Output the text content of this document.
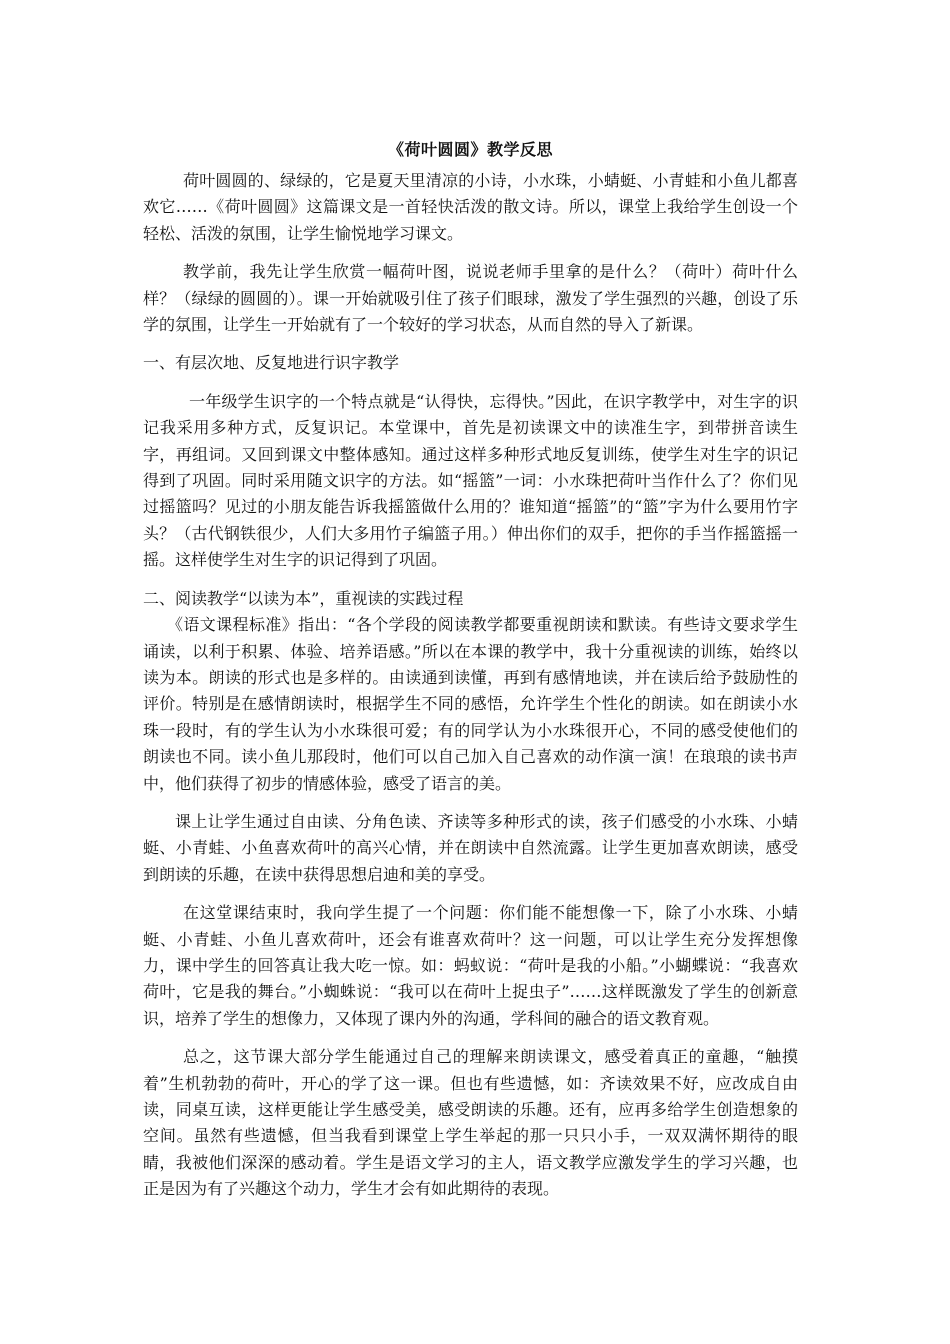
《荷叶圆圆》教学反思

荷叶圆圆的、绿绿的，它是夏天里清凉的小诗，小水珠，小蜻蜓、小青蛙和小鱼儿都喜欢它……《荷叶圆圆》这篇课文是一首轻快活泼的散文诗。所以，课堂上我给学生创设一个轻松、活泼的氛围，让学生愉悦地学习课文。

教学前，我先让学生欣赏一幅荷叶图，说说老师手里拿的是什么？（荷叶）荷叶什么样？（绿绿的圆圆的）。课一开始就吸引住了孩子们眼球，激发了学生强烈的兴趣，创设了乐学的氛围，让学生一开始就有了一个较好的学习状态，从而自然的导入了新课。

一、有层次地、反复地进行识字教学

一年级学生识字的一个特点就是“认得快，忘得快。”因此，在识字教学中，对生字的识记我采用多种方式，反复识记。本堂课中，首先是初读课文中的读准生字，到带拼音读生字，再组词。又回到课文中整体感知。通过这样多种形式地反复训练，使学生对生字的识记得到了巩固。同时采用随文识字的方法。如“摇篮”一词：小水珠把荷叶当作什么了？你们见过摇篮吗？见过的小朋友能告诉我摇篮做什么用的？谁知道“摇篮”的“篮”字为什么要用竹字头？（古代钢铁很少，人们大多用竹子编篮子用。）伸出你们的双手，把你的手当作摇篮摇一摇。这样使学生对生字的识记得到了巩固。

二、阅读教学“以读为本”，重视读的实践过程

《语文课程标准》指出：“各个学段的阅读教学都要重视朗读和默读。有些诗文要求学生诵读，以利于积累、体验、培养语感。”所以在本课的教学中，我十分重视读的训练，始终以读为本。朗读的形式也是多样的。由读通到读懂，再到有感情地读，并在读后给予鼓励性的评价。特别是在感情朗读时，根据学生不同的感悟，允许学生个性化的朗读。如在朗读小水珠一段时，有的学生认为小水珠很可爱；有的同学认为小水珠很开心，不同的感受使他们的朗读也不同。读小鱼儿那段时，他们可以自己加入自己喜欢的动作演一演！在琅琅的读书声中，他们获得了初步的情感体验，感受了语言的美。

课上让学生通过自由读、分角色读、齐读等多种形式的读，孩子们感受的小水珠、小蜻蜓、小青蛙、小鱼喜欢荷叶的高兴心情，并在朗读中自然流露。让学生更加喜欢朗读，感受到朗读的乐趣，在读中获得思想启迪和美的享受。

在这堂课结束时，我向学生提了一个问题：你们能不能想像一下，除了小水珠、小蜻蜓、小青蛙、小鱼儿喜欢荷叶，还会有谁喜欢荷叶？这一问题，可以让学生充分发挥想像力，课中学生的回答真让我大吃一惊。如：蚂蚁说：“荷叶是我的小船。”小蝴蝶说：“我喜欢荷叶，它是我的舞台。”小蜘蛛说：“我可以在荷叶上捉虫子”……这样既激发了学生的创新意识，培养了学生的想像力，又体现了课内外的沟通，学科间的融合的语文教育观。

总之，这节课大部分学生能通过自己的理解来朗读课文，感受着真正的童趣，“触摸着”生机勃勃的荷叶，开心的学了这一课。但也有些遗憾，如：齐读效果不好，应改成自由读，同桌互读，这样更能让学生感受美，感受朗读的乐趣。还有，应再多给学生创造想象的空间。虽然有些遗憾，但当我看到课堂上学生举起的那一只只小手，一双双满怀期待的眼睛，我被他们深深的感动着。学生是语文学习的主人，语文教学应激发学生的学习兴趣，也正是因为有了兴趣这个动力，学生才会有如此期待的表现。
